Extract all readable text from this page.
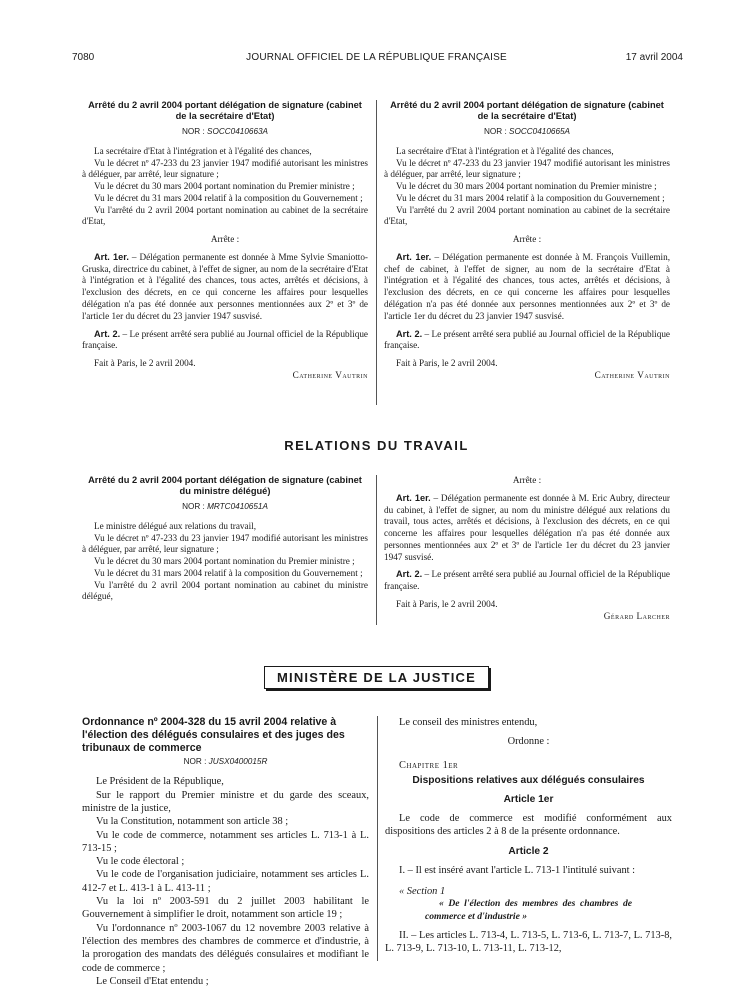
7080	JOURNAL OFFICIEL DE LA RÉPUBLIQUE FRANÇAISE	17 avril 2004
Arrêté du 2 avril 2004 portant délégation de signature (cabinet de la secrétaire d'Etat)
NOR : SOCC0410663A

La secrétaire d'Etat à l'intégration et à l'égalité des chances,

Vu le décret nº 47-233 du 23 janvier 1947 modifié autorisant les ministres à déléguer, par arrêté, leur signature ;

Vu le décret du 30 mars 2004 portant nomination du Premier ministre ;

Vu le décret du 31 mars 2004 relatif à la composition du Gouvernement ;

Vu l'arrêté du 2 avril 2004 portant nomination au cabinet de la secrétaire d'Etat,

Arrête :

Art. 1er. – Délégation permanente est donnée à Mme Sylvie Smaniotto-Gruska, directrice du cabinet, à l'effet de signer, au nom de la secrétaire d'Etat à l'intégration et à l'égalité des chances, tous actes, arrêtés et décisions, à l'exclusion des décrets, en ce qui concerne les affaires pour lesquelles délégation n'a pas été donnée aux personnes mentionnées aux 2º et 3º de l'article 1er du décret du 23 janvier 1947 susvisé.

Art. 2. – Le présent arrêté sera publié au Journal officiel de la République française.

Fait à Paris, le 2 avril 2004.

Catherine Vautrin

Arrêté du 2 avril 2004 portant délégation de signature (cabinet de la secrétaire d'Etat)
NOR : SOCC0410665A

La secrétaire d'Etat à l'intégration et à l'égalité des chances,

Vu le décret nº 47-233 du 23 janvier 1947 modifié autorisant les ministres à déléguer, par arrêté, leur signature ;

Vu le décret du 30 mars 2004 portant nomination du Premier ministre ;

Vu le décret du 31 mars 2004 relatif à la composition du Gouvernement ;

Vu l'arrêté du 2 avril 2004 portant nomination au cabinet de la secrétaire d'Etat,

Arrête :

Art. 1er. – Délégation permanente est donnée à M. François Vuillemin, chef de cabinet, à l'effet de signer, au nom de la secrétaire d'Etat à l'intégration et à l'égalité des chances, tous actes, arrêtés et décisions, à l'exclusion des décrets, en ce qui concerne les affaires pour lesquelles délégation n'a pas été donnée aux personnes mentionnées aux 2º et 3º de l'article 1er du décret du 23 janvier 1947 susvisé.

Art. 2. – Le présent arrêté sera publié au Journal officiel de la République française.

Fait à Paris, le 2 avril 2004.

Catherine Vautrin

RELATIONS DU TRAVAIL
Arrêté du 2 avril 2004 portant délégation de signature (cabinet du ministre délégué)
NOR : MRTC0410651A

Le ministre délégué aux relations du travail,

Vu le décret nº 47-233 du 23 janvier 1947 modifié autorisant les ministres à déléguer, par arrêté, leur signature ;

Vu le décret du 30 mars 2004 portant nomination du Premier ministre ;

Vu le décret du 31 mars 2004 relatif à la composition du Gouvernement ;

Vu l'arrêté du 2 avril 2004 portant nomination au cabinet du ministre délégué,

Arrête :

Art. 1er. – Délégation permanente est donnée à M. Eric Aubry, directeur du cabinet, à l'effet de signer, au nom du ministre délégué aux relations du travail, tous actes, arrêtés et décisions, à l'exclusion des décrets, en ce qui concerne les affaires pour lesquelles délégation n'a pas été donnée aux personnes mentionnées aux 2º et 3º de l'article 1er du décret du 23 janvier 1947 susvisé.

Art. 2. – Le présent arrêté sera publié au Journal officiel de la République française.

Fait à Paris, le 2 avril 2004.

Gérard Larcher

MINISTÈRE DE LA JUSTICE
Ordonnance nº 2004-328 du 15 avril 2004 relative à l'élection des délégués consulaires et des juges des tribunaux de commerce
NOR : JUSX0400015R

Le Président de la République,

Sur le rapport du Premier ministre et du garde des sceaux, ministre de la justice,

Vu la Constitution, notamment son article 38 ;

Vu le code de commerce, notamment ses articles L. 713-1 à L. 713-15 ;

Vu le code électoral ;

Vu le code de l'organisation judiciaire, notamment ses articles L. 412-7 et L. 413-1 à L. 413-11 ;

Vu la loi nº 2003-591 du 2 juillet 2003 habilitant le Gouvernement à simplifier le droit, notamment son article 19 ;

Vu l'ordonnance nº 2003-1067 du 12 novembre 2003 relative à l'élection des membres des chambres de commerce et d'industrie, à la prorogation des mandats des délégués consulaires et modifiant le code de commerce ;

Le Conseil d'Etat entendu ;

Le conseil des ministres entendu,

Ordonne :

Chapitre 1er

Dispositions relatives aux délégués consulaires
Article 1er

Le code de commerce est modifié conformément aux dispositions des articles 2 à 8 de la présente ordonnance.

Article 2

I. – Il est inséré avant l'article L. 713-1 l'intitulé suivant :

« Section 1

« De l'élection des membres des chambres de commerce et d'industrie »

II. – Les articles L. 713-4, L. 713-5, L. 713-6, L. 713-7, L. 713-8, L. 713-9, L. 713-10, L. 713-11, L. 713-12,
